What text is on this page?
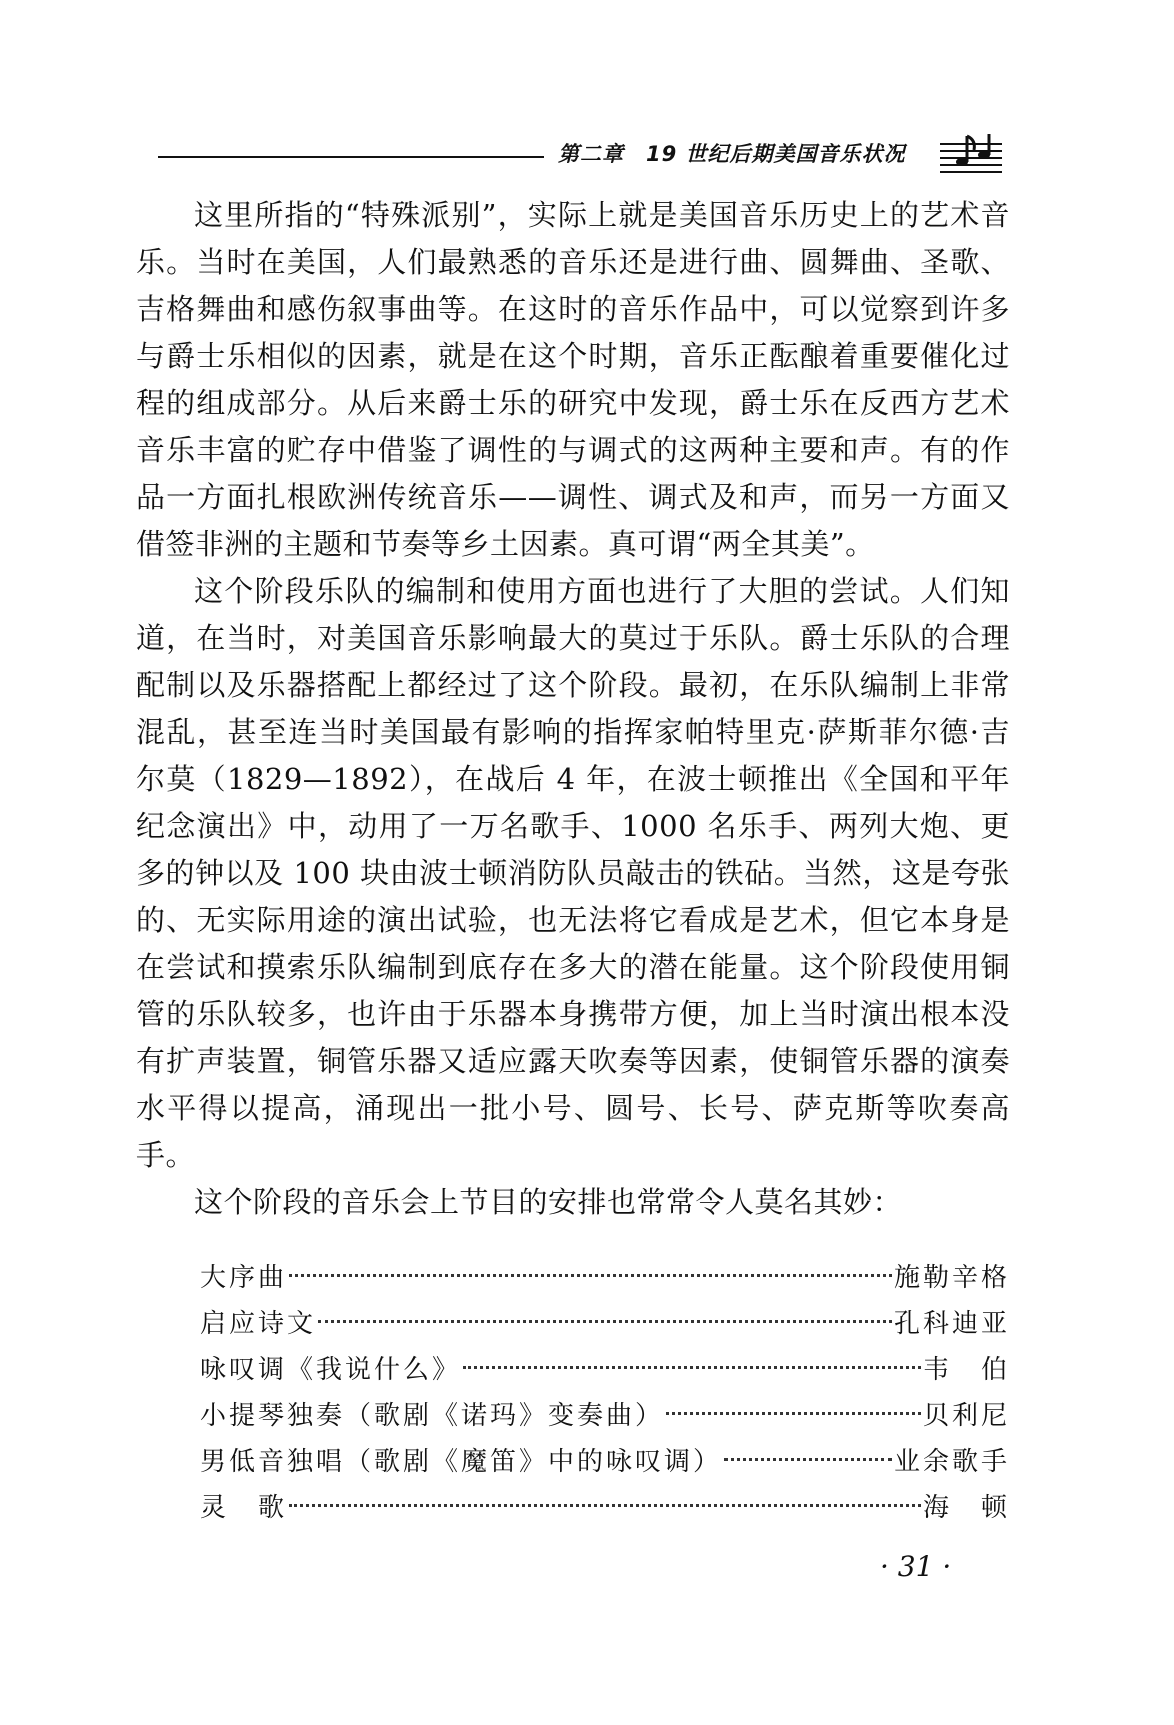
第二章 19 世纪后期美国音乐状况

这里所指的“特殊派别”，实际上就是美国音乐历史上的艺术音乐。当时在美国，人们最熟悉的音乐还是进行曲、圆舞曲、圣歌、吉格舞曲和感伤叙事曲等。在这时的音乐作品中，可以觉察到许多与爵士乐相似的因素，就是在这个时期，音乐正酝酿着重要催化过程的组成部分。从后来爵士乐的研究中发现，爵士乐在反西方艺术音乐丰富的贮存中借鉴了调性的与调式的这两种主要和声。有的作品一方面扎根欧洲传统音乐——调性、调式及和声，而另一方面又借签非洲的主题和节奏等乡土因素。真可谓“两全其美”。

这个阶段乐队的编制和使用方面也进行了大胆的尝试。人们知道，在当时，对美国音乐影响最大的莫过于乐队。爵士乐队的合理配制以及乐器搭配上都经过了这个阶段。最初，在乐队编制上非常混乱，甚至连当时美国最有影响的指挥家帕特里克·萨斯菲尔德·吉尔莫（1829—1892），在战后 4 年，在波士顿推出《全国和平年纪念演出》中，动用了一万名歌手、1000 名乐手、两列大炮、更多的钟以及 100 块由波士顿消防队员敲击的铁砧。当然，这是夸张的、无实际用途的演出试验，也无法将它看成是艺术，但它本身是在尝试和摸索乐队编制到底存在多大的潜在能量。这个阶段使用铜管的乐队较多，也许由于乐器本身携带方便，加上当时演出根本没有扩声装置，铜管乐器又适应露天吹奏等因素，使铜管乐器的演奏水平得以提高，涌现出一批小号、圆号、长号、萨克斯等吹奏高手。

这个阶段的音乐会上节目的安排也常常令人莫名其妙：

大序曲	施勒辛格
启应诗文	孔科迪亚
咏叹调《我说什么》	韦　伯
小提琴独奏（歌剧《诺玛》变奏曲）	贝利尼
男低音独唱（歌剧《魔笛》中的咏叹调）	业余歌手
灵　歌	海　顿
· 31 ·
